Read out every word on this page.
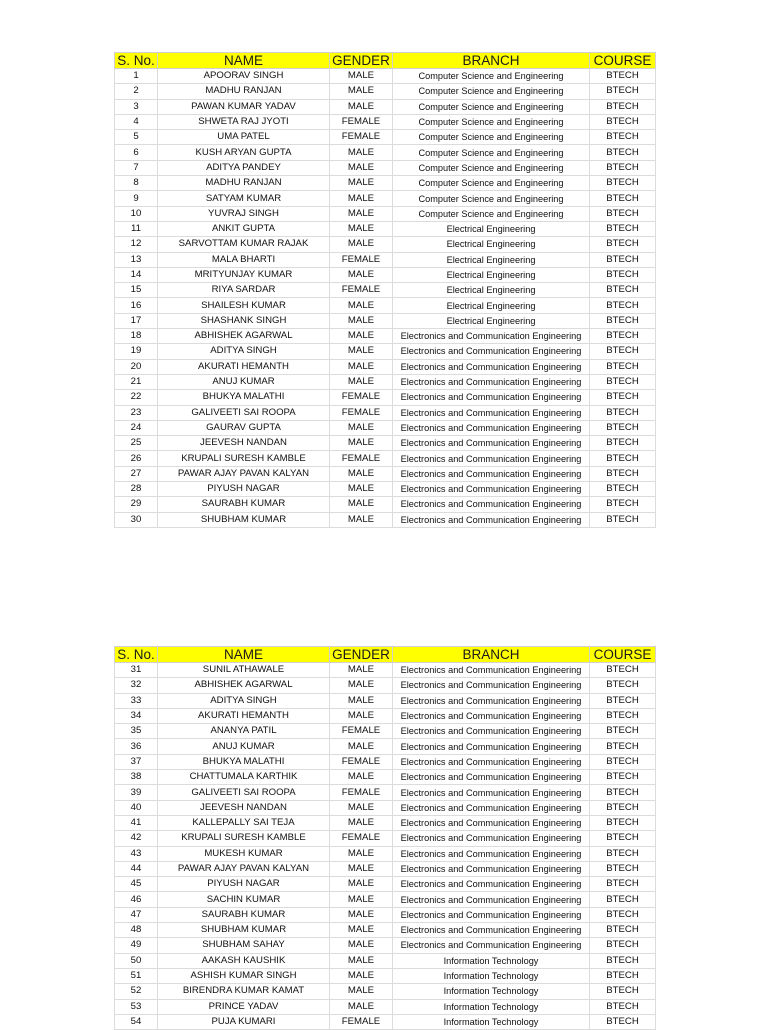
S. No.	NAME	GENDER	BRANCH	COURSE
1	APOORAV SINGH	MALE	Computer Science and Engineering	BTECH
2	MADHU RANJAN	MALE	Computer Science and Engineering	BTECH
3	PAWAN KUMAR YADAV	MALE	Computer Science and Engineering	BTECH
4	SHWETA RAJ JYOTI	FEMALE	Computer Science and Engineering	BTECH
5	UMA PATEL	FEMALE	Computer Science and Engineering	BTECH
6	KUSH ARYAN GUPTA	MALE	Computer Science and Engineering	BTECH
7	ADITYA PANDEY	MALE	Computer Science and Engineering	BTECH
8	MADHU RANJAN	MALE	Computer Science and Engineering	BTECH
9	SATYAM KUMAR	MALE	Computer Science and Engineering	BTECH
10	YUVRAJ SINGH	MALE	Computer Science and Engineering	BTECH
11	ANKIT GUPTA	MALE	Electrical Engineering	BTECH
12	SARVOTTAM KUMAR RAJAK	MALE	Electrical Engineering	BTECH
13	MALA BHARTI	FEMALE	Electrical Engineering	BTECH
14	MRITYUNJAY KUMAR	MALE	Electrical Engineering	BTECH
15	RIYA SARDAR	FEMALE	Electrical Engineering	BTECH
16	SHAILESH KUMAR	MALE	Electrical Engineering	BTECH
17	SHASHANK SINGH	MALE	Electrical Engineering	BTECH
18	ABHISHEK AGARWAL	MALE	Electronics and Communication Engineering	BTECH
19	ADITYA SINGH	MALE	Electronics and Communication Engineering	BTECH
20	AKURATI HEMANTH	MALE	Electronics and Communication Engineering	BTECH
21	ANUJ KUMAR	MALE	Electronics and Communication Engineering	BTECH
22	BHUKYA MALATHI	FEMALE	Electronics and Communication Engineering	BTECH
23	GALIVEETI SAI ROOPA	FEMALE	Electronics and Communication Engineering	BTECH
24	GAURAV GUPTA	MALE	Electronics and Communication Engineering	BTECH
25	JEEVESH NANDAN	MALE	Electronics and Communication Engineering	BTECH
26	KRUPALI SURESH KAMBLE	FEMALE	Electronics and Communication Engineering	BTECH
27	PAWAR AJAY PAVAN KALYAN	MALE	Electronics and Communication Engineering	BTECH
28	PIYUSH NAGAR	MALE	Electronics and Communication Engineering	BTECH
29	SAURABH KUMAR	MALE	Electronics and Communication Engineering	BTECH
30	SHUBHAM KUMAR	MALE	Electronics and Communication Engineering	BTECH
S. No.	NAME	GENDER	BRANCH	COURSE
31	SUNIL ATHAWALE	MALE	Electronics and Communication Engineering	BTECH
32	ABHISHEK AGARWAL	MALE	Electronics and Communication Engineering	BTECH
33	ADITYA SINGH	MALE	Electronics and Communication Engineering	BTECH
34	AKURATI HEMANTH	MALE	Electronics and Communication Engineering	BTECH
35	ANANYA PATIL	FEMALE	Electronics and Communication Engineering	BTECH
36	ANUJ KUMAR	MALE	Electronics and Communication Engineering	BTECH
37	BHUKYA MALATHI	FEMALE	Electronics and Communication Engineering	BTECH
38	CHATTUMALA KARTHIK	MALE	Electronics and Communication Engineering	BTECH
39	GALIVEETI SAI ROOPA	FEMALE	Electronics and Communication Engineering	BTECH
40	JEEVESH NANDAN	MALE	Electronics and Communication Engineering	BTECH
41	KALLEPALLY SAI TEJA	MALE	Electronics and Communication Engineering	BTECH
42	KRUPALI SURESH KAMBLE	FEMALE	Electronics and Communication Engineering	BTECH
43	MUKESH KUMAR	MALE	Electronics and Communication Engineering	BTECH
44	PAWAR AJAY PAVAN KALYAN	MALE	Electronics and Communication Engineering	BTECH
45	PIYUSH NAGAR	MALE	Electronics and Communication Engineering	BTECH
46	SACHIN KUMAR	MALE	Electronics and Communication Engineering	BTECH
47	SAURABH KUMAR	MALE	Electronics and Communication Engineering	BTECH
48	SHUBHAM KUMAR	MALE	Electronics and Communication Engineering	BTECH
49	SHUBHAM SAHAY	MALE	Electronics and Communication Engineering	BTECH
50	AAKASH KAUSHIK	MALE	Information Technology	BTECH
51	ASHISH KUMAR SINGH	MALE	Information Technology	BTECH
52	BIRENDRA KUMAR KAMAT	MALE	Information Technology	BTECH
53	PRINCE YADAV	MALE	Information Technology	BTECH
54	PUJA KUMARI	FEMALE	Information Technology	BTECH
